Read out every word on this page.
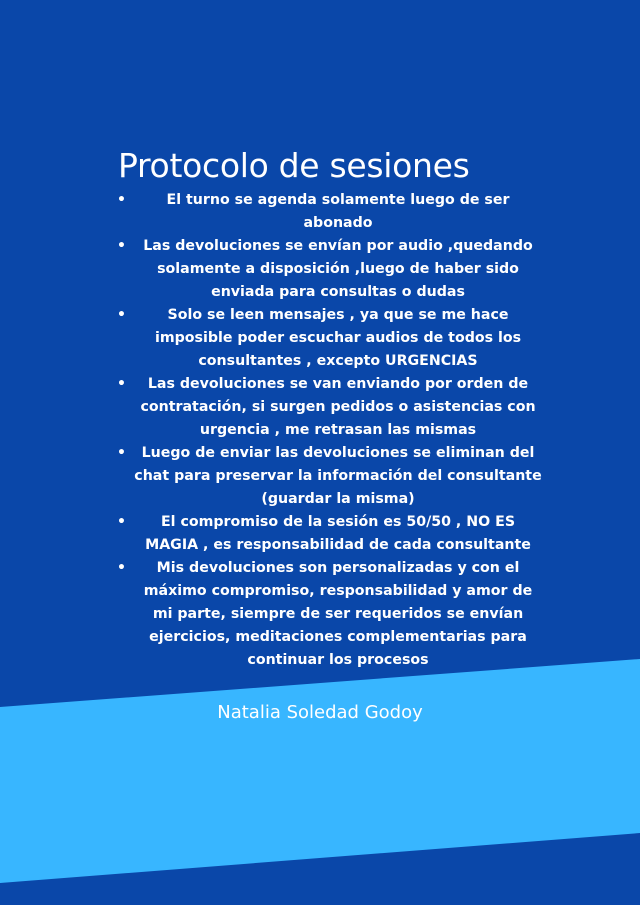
Protocolo de sesiones
•	El turno se agenda solamente luego de ser abonado
• Las devoluciones se envían por audio ,quedando solamente a disposición ,luego de haber sido enviada para consultas o dudas
•	Solo se leen mensajes , ya que se me hace imposible poder escuchar audios de todos los consultantes , excepto URGENCIAS
• Las devoluciones se van enviando por orden de contratación, si surgen pedidos o asistencias con urgencia , me retrasan las mismas
• Luego de enviar las devoluciones se eliminan del chat para preservar la información del consultante (guardar la misma)
• El compromiso de la sesión es 50/50 , NO ES MAGIA , es responsabilidad de cada consultante
• Mis devoluciones son personalizadas y con el máximo compromiso, responsabilidad y amor de mi parte, siempre de ser requeridos se envían ejercicios, meditaciones complementarias para continuar los procesos

Natalia Soledad Godoy
